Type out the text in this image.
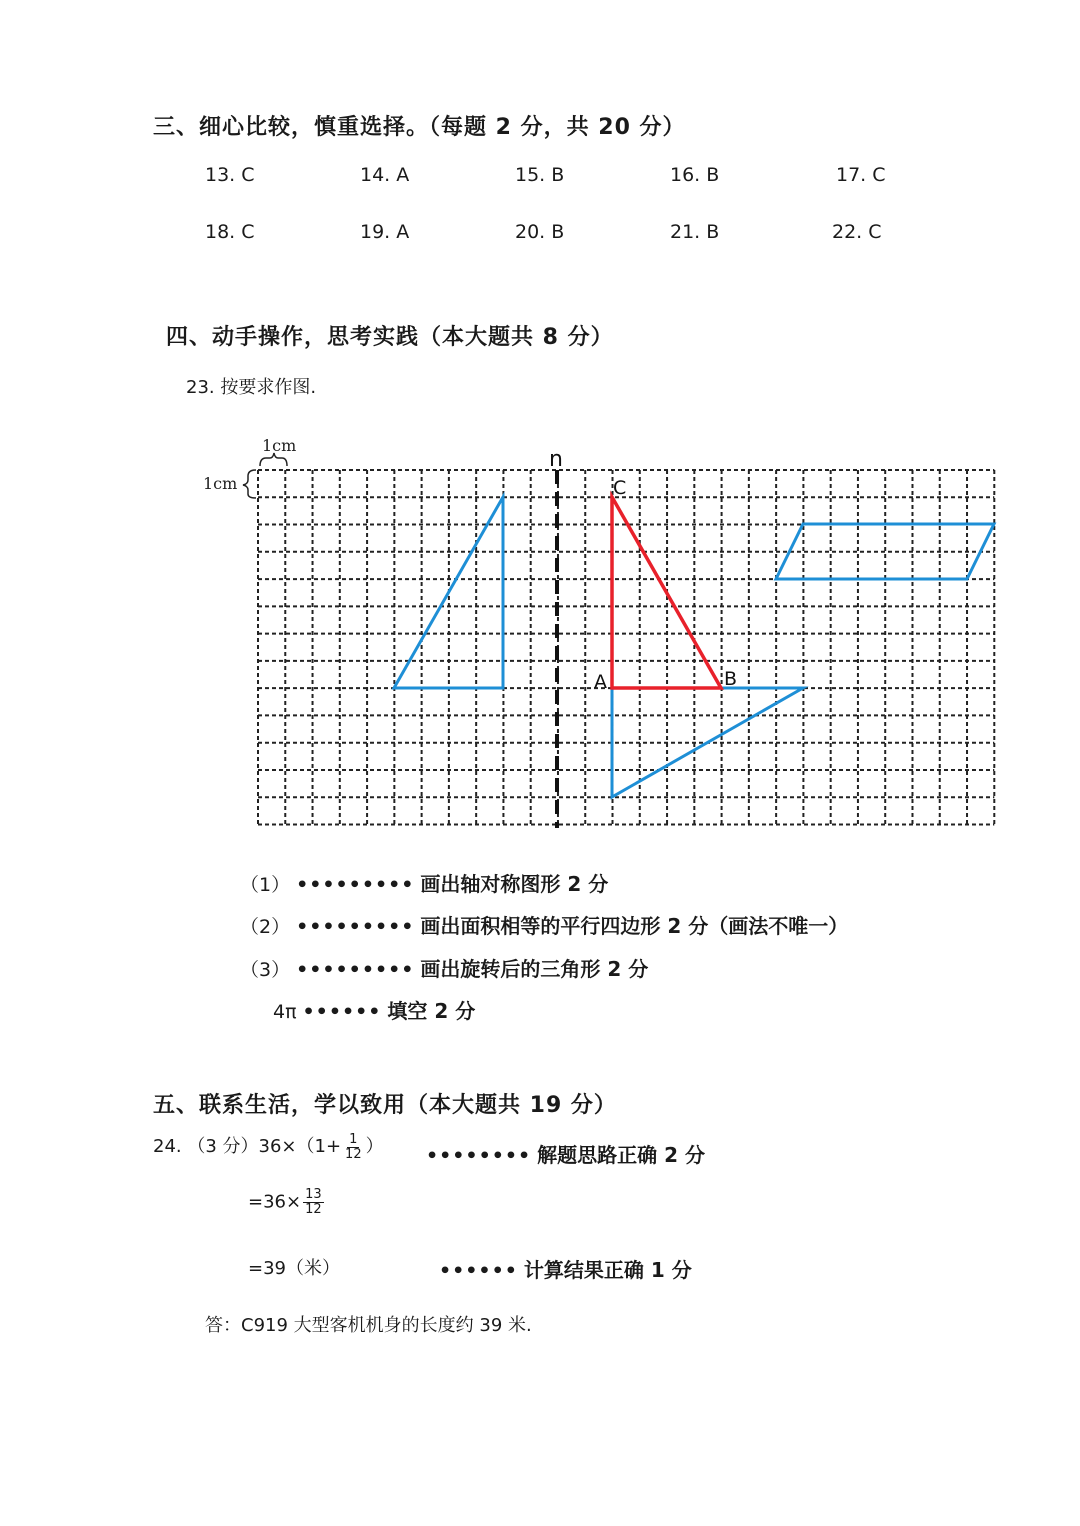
三、细心比较，慎重选择。（每题 2 分，共 20 分）
13. C	14. A	15. B	16. B	17. C
18. C	19. A	20. B	21. B	22. C
四、动手操作，思考实践（本大题共 8 分）
23. 按要求作图.
1cm
1cm
n
C
A	B
（1） ••••••••• 画出轴对称图形 2 分
（2） ••••••••• 画出面积相等的平行四边形 2 分（画法不唯一）
（3） ••••••••• 画出旋转后的三角形 2 分
4π •••••• 填空 2 分
五、联系生活，学以致用（本大题共 19 分）
24. （3 分）$36\times(1+ \frac{1}{12}$ ）	•••••••• 解题思路正确 2 分
$=36\times \frac{13}{12}$
=39（米）	•••••• 计算结果正确 1 分
答：C919 大型客机机身的长度约 39 米.
